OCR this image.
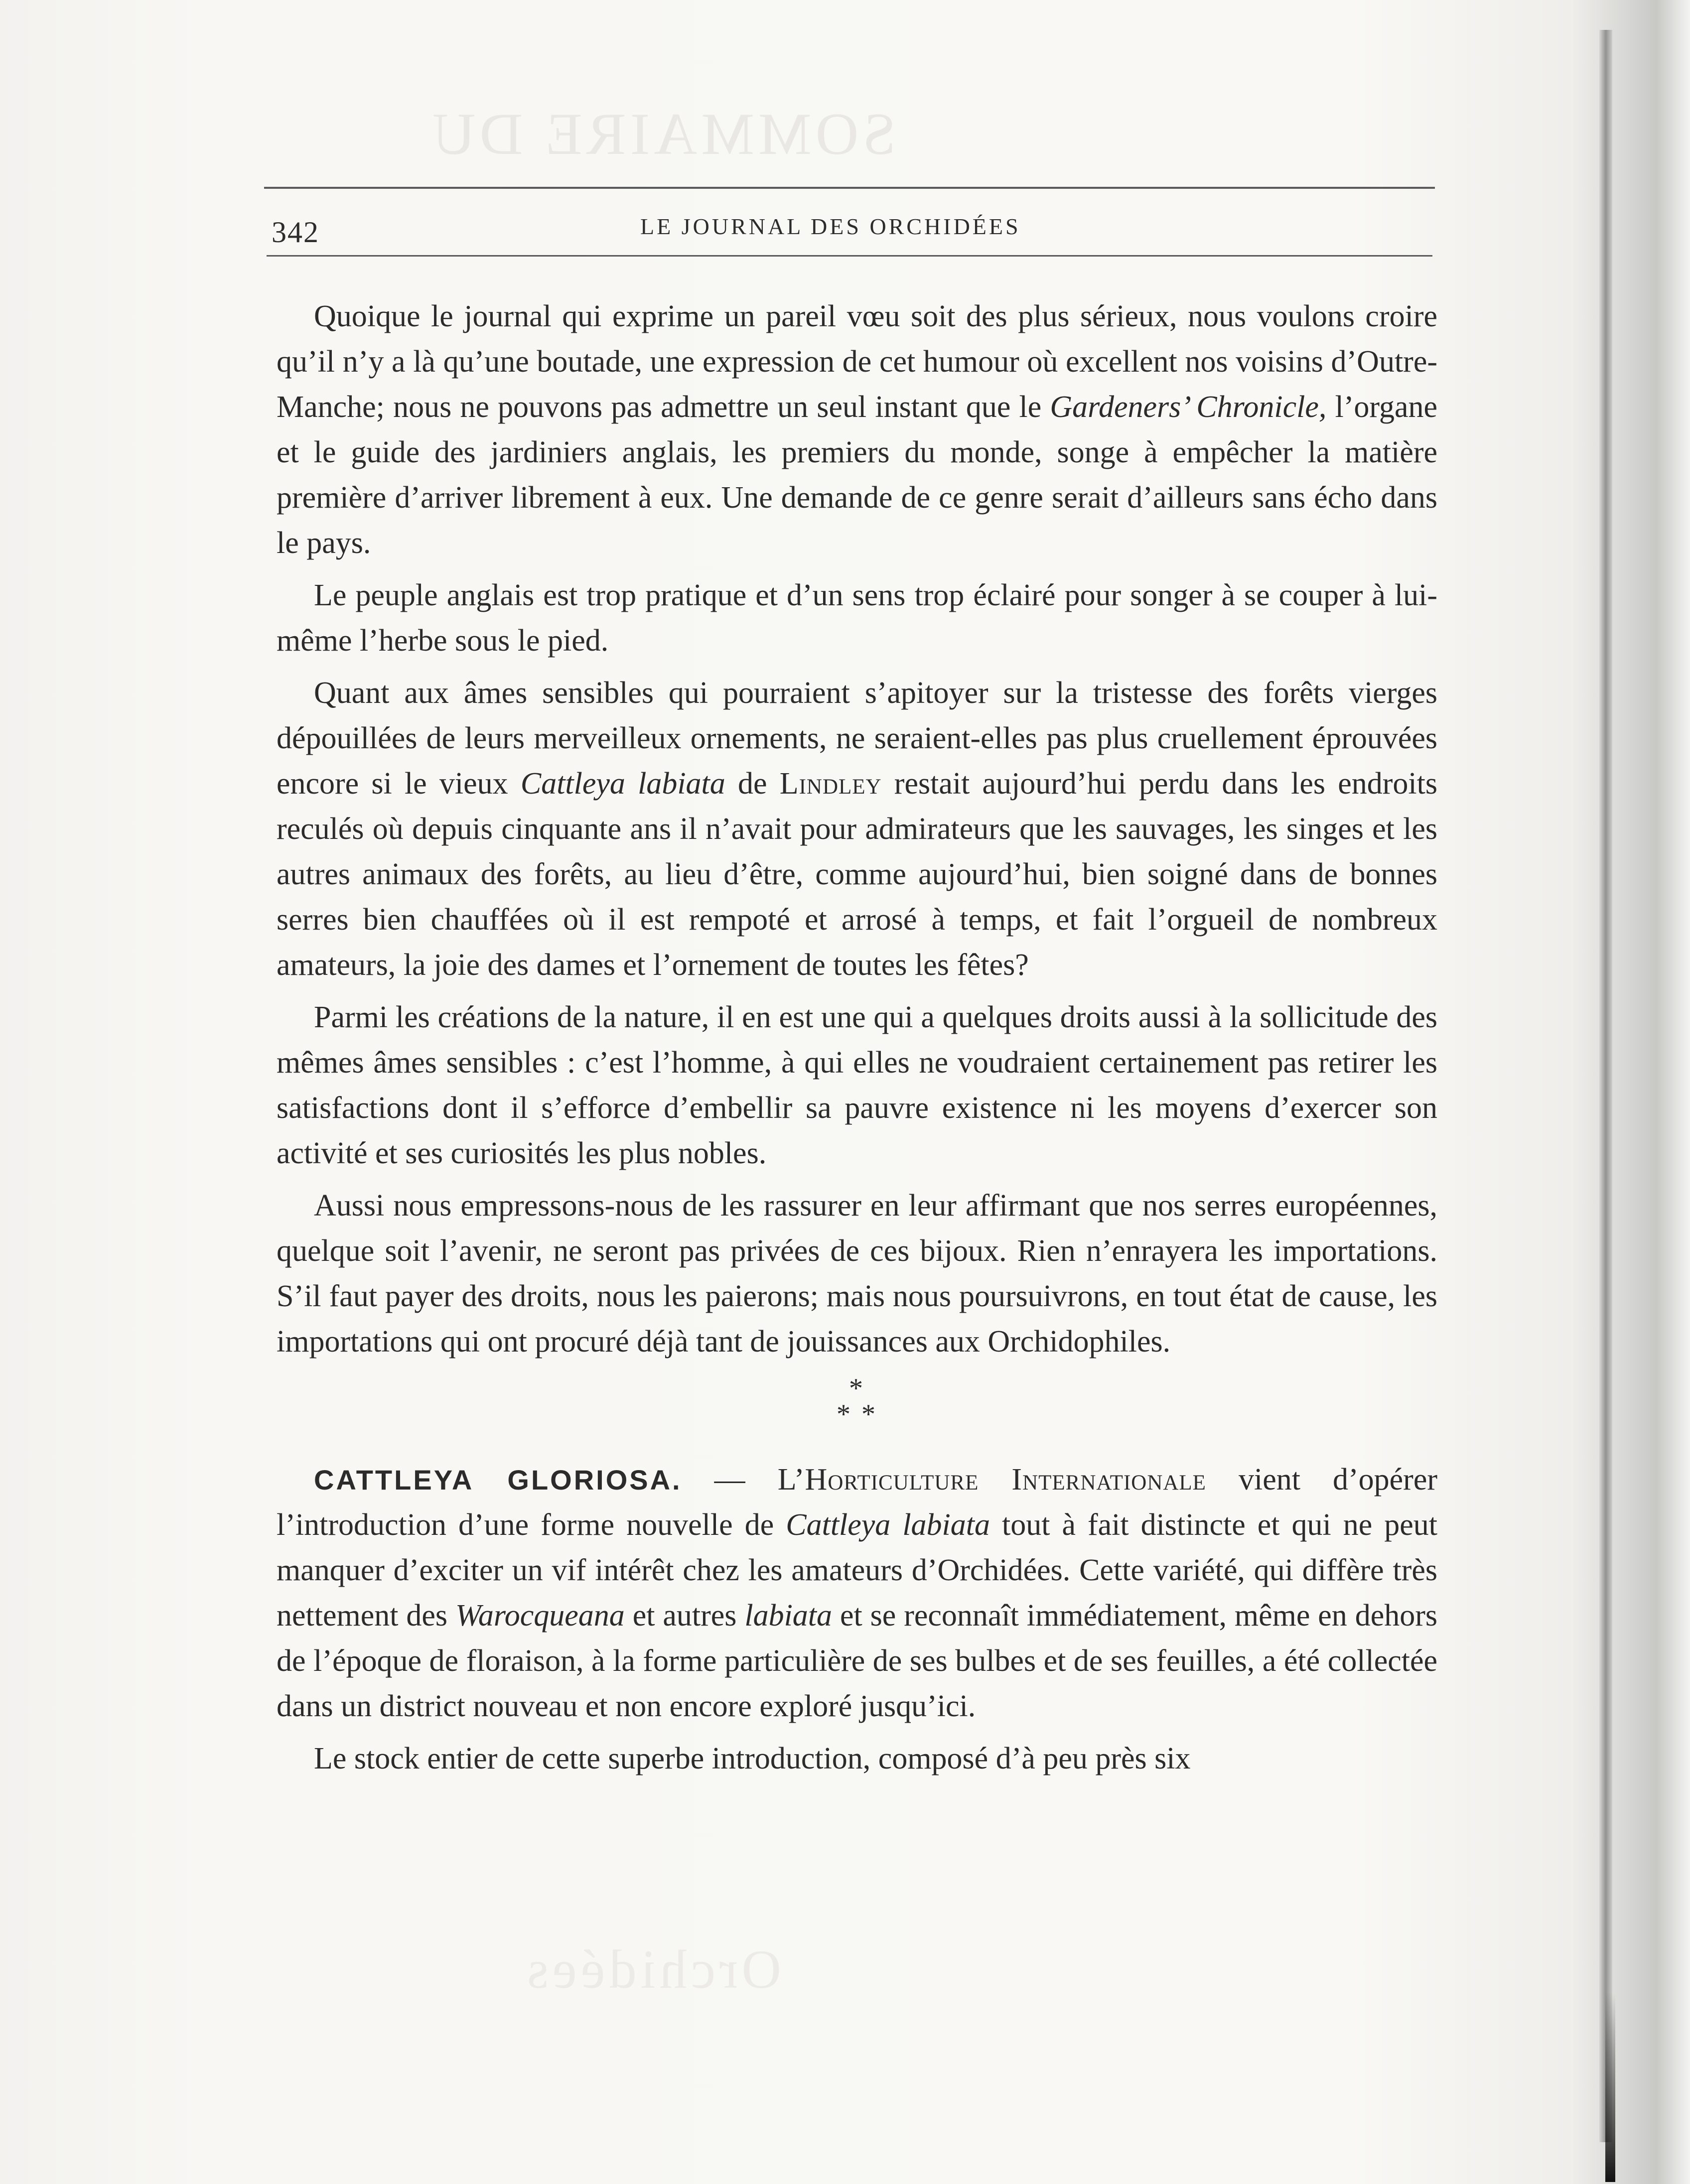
SOMMAIRE DU
Orchidées
342	LE JOURNAL DES ORCHIDÉES

Quoique le journal qui exprime un pareil vœu soit des plus sérieux, nous voulons croire qu’il n’y a là qu’une boutade, une expression de cet humour où excellent nos voisins d’Outre-Manche; nous ne pouvons pas admettre un seul instant que le Gardeners’ Chronicle, l’organe et le guide des jardiniers anglais, les premiers du monde, songe à empêcher la matière première d’arriver librement à eux. Une demande de ce genre serait d’ailleurs sans écho dans le pays.

Le peuple anglais est trop pratique et d’un sens trop éclairé pour songer à se couper à lui-même l’herbe sous le pied.

Quant aux âmes sensibles qui pourraient s’apitoyer sur la tristesse des forêts vierges dépouillées de leurs merveilleux ornements, ne seraient-elles pas plus cruellement éprouvées encore si le vieux Cattleya labiata de Lindley restait aujourd’hui perdu dans les endroits reculés où depuis cinquante ans il n’avait pour admirateurs que les sauvages, les singes et les autres animaux des forêts, au lieu d’être, comme aujourd’hui, bien soigné dans de bonnes serres bien chauffées où il est rempoté et arrosé à temps, et fait l’orgueil de nombreux amateurs, la joie des dames et l’ornement de toutes les fêtes?

Parmi les créations de la nature, il en est une qui a quelques droits aussi à la sollicitude des mêmes âmes sensibles : c’est l’homme, à qui elles ne voudraient certainement pas retirer les satisfactions dont il s’efforce d’embellir sa pauvre existence ni les moyens d’exercer son activité et ses curiosités les plus nobles.

Aussi nous empressons-nous de les rassurer en leur affirmant que nos serres européennes, quelque soit l’avenir, ne seront pas privées de ces bijoux. Rien n’enrayera les importations. S’il faut payer des droits, nous les paierons; mais nous poursuivrons, en tout état de cause, les importations qui ont procuré déjà tant de jouissances aux Orchidophiles.

*
* *

CATTLEYA GLORIOSA. — L’Horticulture Internationale vient d’opérer l’introduction d’une forme nouvelle de Cattleya labiata tout à fait distincte et qui ne peut manquer d’exciter un vif intérêt chez les amateurs d’Orchidées. Cette variété, qui diffère très nettement des Warocqueana et autres labiata et se reconnaît immédiatement, même en dehors de l’époque de floraison, à la forme particulière de ses bulbes et de ses feuilles, a été collectée dans un district nouveau et non encore exploré jusqu’ici.

Le stock entier de cette superbe introduction, composé d’à peu près six
